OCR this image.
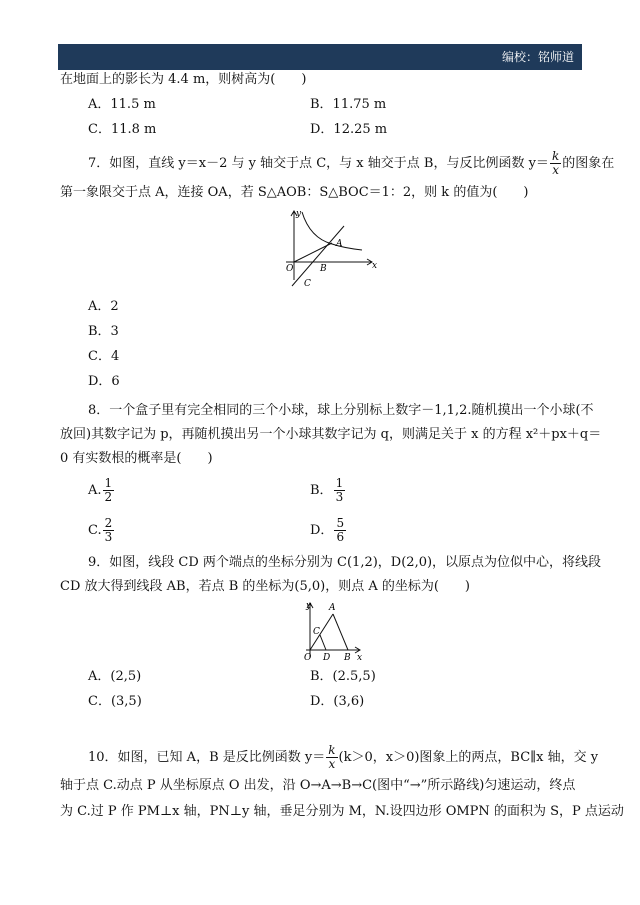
编校：铭师道
在地面上的影长为 4.4 m，则树高为(　　)
A．11.5 m	B．11.75 m
C．11.8 m	D．12.25 m
7．如图，直线 y＝x－2 与 y 轴交于点 C，与 x 轴交于点 B，与反比例函数 $y= \frac{k}{x}$ 的图象在
第一象限交于点 A，连接 OA，若 S△AOB：S△BOC＝1：2，则 k 的值为(　　)
y
x
O
A
B
C
A．2
B．3
C．4
D．6
8．一个盒子里有完全相同的三个小球，球上分别标上数字－1,1,2.随机摸出一个小球(不
放回)其数字记为 p，再随机摸出另一个小球其数字记为 q，则满足关于 x 的方程 x²＋px＋q＝
0 有实数根的概率是(　　)
A. $\frac{1}{2}$	B． $\frac{1}{3}$
C. $\frac{2}{3}$	D． $\frac{5}{6}$
9．如图，线段 CD 两个端点的坐标分别为 C(1,2)，D(2,0)，以原点为位似中心，将线段
CD 放大得到线段 AB，若点 B 的坐标为(5,0)，则点 A 的坐标为(　　)
y
x
O
A
B
C
D
A．(2,5)	B．(2.5,5)
C．(3,5)	D．(3,6)
10．如图，已知 A，B 是反比例函数 $y= \frac{k}{x} (k>0$，x＞0)图象上的两点，BC∥x 轴，交 y
轴于点 C.动点 P 从坐标原点 O 出发，沿 O→A→B→C(图中“→”所示路线)匀速运动，终点
为 C.过 P 作 PM⊥x 轴，PN⊥y 轴，垂足分别为 M，N.设四边形 OMPN 的面积为 S，P 点运动
